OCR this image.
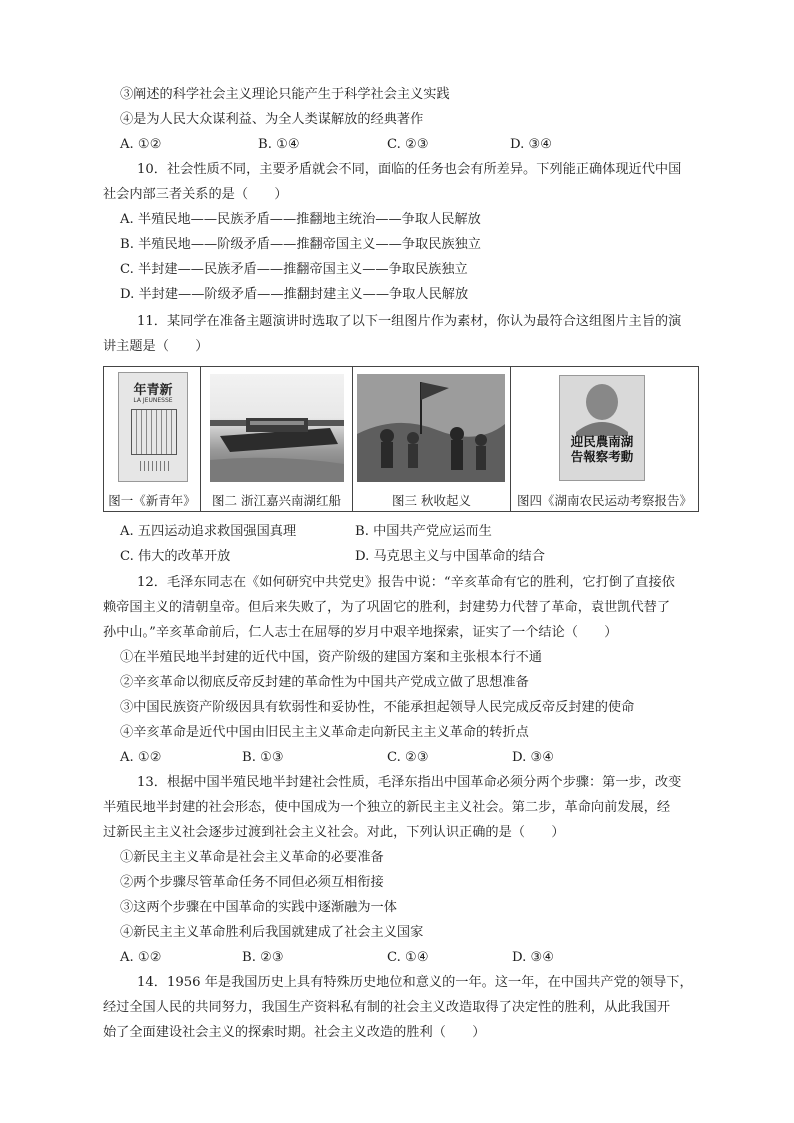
③阐述的科学社会主义理论只能产生于科学社会主义实践
④是为人民大众谋利益、为全人类谋解放的经典著作
A. ①②	B. ①④	C. ②③	D. ③④
10．社会性质不同，主要矛盾就会不同，面临的任务也会有所差异。下列能正确体现近代中国
社会内部三者关系的是（　　）
A. 半殖民地——民族矛盾——推翻地主统治——争取人民解放
B. 半殖民地——阶级矛盾——推翻帝国主义——争取民族独立
C. 半封建——民族矛盾——推翻帝国主义——争取民族独立
D. 半封建——阶级矛盾——推翻封建主义——争取人民解放
11．某同学在准备主题演讲时选取了以下一组图片作为素材，你认为最符合这组图片主旨的演
讲主题是（　　）
年青新
LA JEUNESSE
图一《新青年》	图二 浙江嘉兴南湖红船	图三 秋收起义
迎民農南湖
告報察考動
图四《湖南农民运动考察报告》
A. 五四运动追求救国强国真理	B. 中国共产党应运而生
C. 伟大的改革开放	D. 马克思主义与中国革命的结合
12．毛泽东同志在《如何研究中共党史》报告中说：“辛亥革命有它的胜利，它打倒了直接依
赖帝国主义的清朝皇帝。但后来失败了，为了巩固它的胜利，封建势力代替了革命，袁世凯代替了
孙中山。”辛亥革命前后，仁人志士在屈辱的岁月中艰辛地探索，证实了一个结论（　　）
①在半殖民地半封建的近代中国，资产阶级的建国方案和主张根本行不通
②辛亥革命以彻底反帝反封建的革命性为中国共产党成立做了思想准备
③中国民族资产阶级因具有软弱性和妥协性，不能承担起领导人民完成反帝反封建的使命
④辛亥革命是近代中国由旧民主主义革命走向新民主主义革命的转折点
A. ①②	B. ①③	C. ②③	D. ③④
13．根据中国半殖民地半封建社会性质，毛泽东指出中国革命必须分两个步骤：第一步，改变
半殖民地半封建的社会形态，使中国成为一个独立的新民主主义社会。第二步，革命向前发展，经
过新民主主义社会逐步过渡到社会主义社会。对此，下列认识正确的是（　　）
①新民主主义革命是社会主义革命的必要准备
②两个步骤尽管革命任务不同但必须互相衔接
③这两个步骤在中国革命的实践中逐渐融为一体
④新民主主义革命胜利后我国就建成了社会主义国家
A. ①②	B. ②③	C. ①④	D. ③④
14．1956 年是我国历史上具有特殊历史地位和意义的一年。这一年，在中国共产党的领导下，
经过全国人民的共同努力，我国生产资料私有制的社会主义改造取得了决定性的胜利，从此我国开
始了全面建设社会主义的探索时期。社会主义改造的胜利（　　）
